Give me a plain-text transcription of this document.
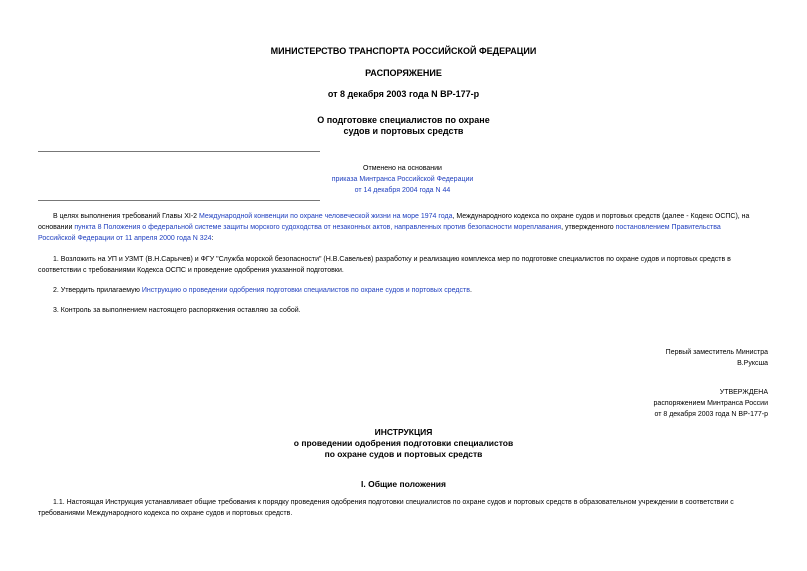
МИНИСТЕРСТВО ТРАНСПОРТА РОССИЙСКОЙ ФЕДЕРАЦИИ
РАСПОРЯЖЕНИЕ
от 8 декабря 2003 года N ВР-177-р
О подготовке специалистов по охране
судов и портовых средств
Отменено на основании
приказа Минтранса Российской Федерации
от 14 декабря 2004 года N 44
В целях выполнения требований Главы XI-2 Международной конвенции по охране человеческой жизни на море 1974 года, Международного кодекса по охране судов и портовых средств (далее - Кодекс ОСПС), на
основании пункта 8 Положения о федеральной системе защиты морского судоходства от незаконных актов, направленных против безопасности мореплавания, утвержденного постановлением Правительства
Российской Федерации от 11 апреля 2000 года N 324:
1. Возложить на УП и УЗМТ (В.Н.Сарычев) и ФГУ "Служба морской безопасности" (Н.В.Савельев) разработку и реализацию комплекса мер по подготовке специалистов по охране судов и портовых средств в
соответствии с требованиями Кодекса ОСПС и проведение одобрения указанной подготовки.
2. Утвердить прилагаемую Инструкцию о проведении одобрения подготовки специалистов по охране судов и портовых средств.
3. Контроль за выполнением настоящего распоряжения оставляю за собой.
Первый заместитель Министра
В.Руксша
УТВЕРЖДЕНА
распоряжением Минтранса России
от 8 декабря 2003 года N ВР-177-р
ИНСТРУКЦИЯ
о проведении одобрения подготовки специалистов
по охране судов и портовых средств
I. Общие положения
1.1. Настоящая Инструкция устанавливает общие требования к порядку проведения одобрения подготовки специалистов по охране судов и портовых средств в образовательном учреждении в соответствии с
требованиями Международного кодекса по охране судов и портовых средств.
